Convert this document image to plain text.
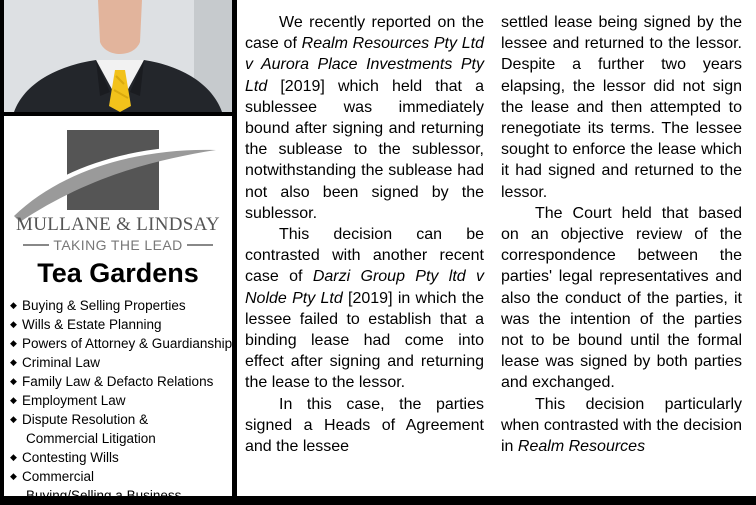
MULLANE & LINDSAY
TAKING THE LEAD
Tea Gardens
◆ Buying & Selling Properties
◆ Wills & Estate Planning
◆ Powers of Attorney & Guardianship
◆ Criminal Law
◆ Family Law & Defacto Relations
◆ Employment Law
◆ Dispute Resolution &
Commercial Litigation
◆ Contesting Wills
◆ Commercial
Buying/Selling a Business

We recently reported on the case of Realm Resources Pty Ltd v Aurora Place Investments Pty Ltd [2019] which held that a sublessee was immediately bound after signing and returning the sublease to the sublessor, notwithstanding the sublease had not also been signed by the sublessor.

This decision can be contrasted with another recent case of Darzi Group Pty ltd v Nolde Pty Ltd [2019] in which the lessee failed to establish that a binding lease had come into effect after signing and returning the lease to the lessor.

In this case, the parties signed a Heads of Agreement and the lessee

settled lease being signed by the lessee and returned to the lessor. Despite a further two years elapsing, the lessor did not sign the lease and then attempted to renegotiate its terms. The lessee sought to enforce the lease which it had signed and returned to the lessor.

The Court held that based on an objective review of the correspondence between the parties' legal representatives and also the conduct of the parties, it was the intention of the parties not to be bound until the formal lease was signed by both parties and exchanged.

This decision particularly when contrasted with the decision in Realm Resources
